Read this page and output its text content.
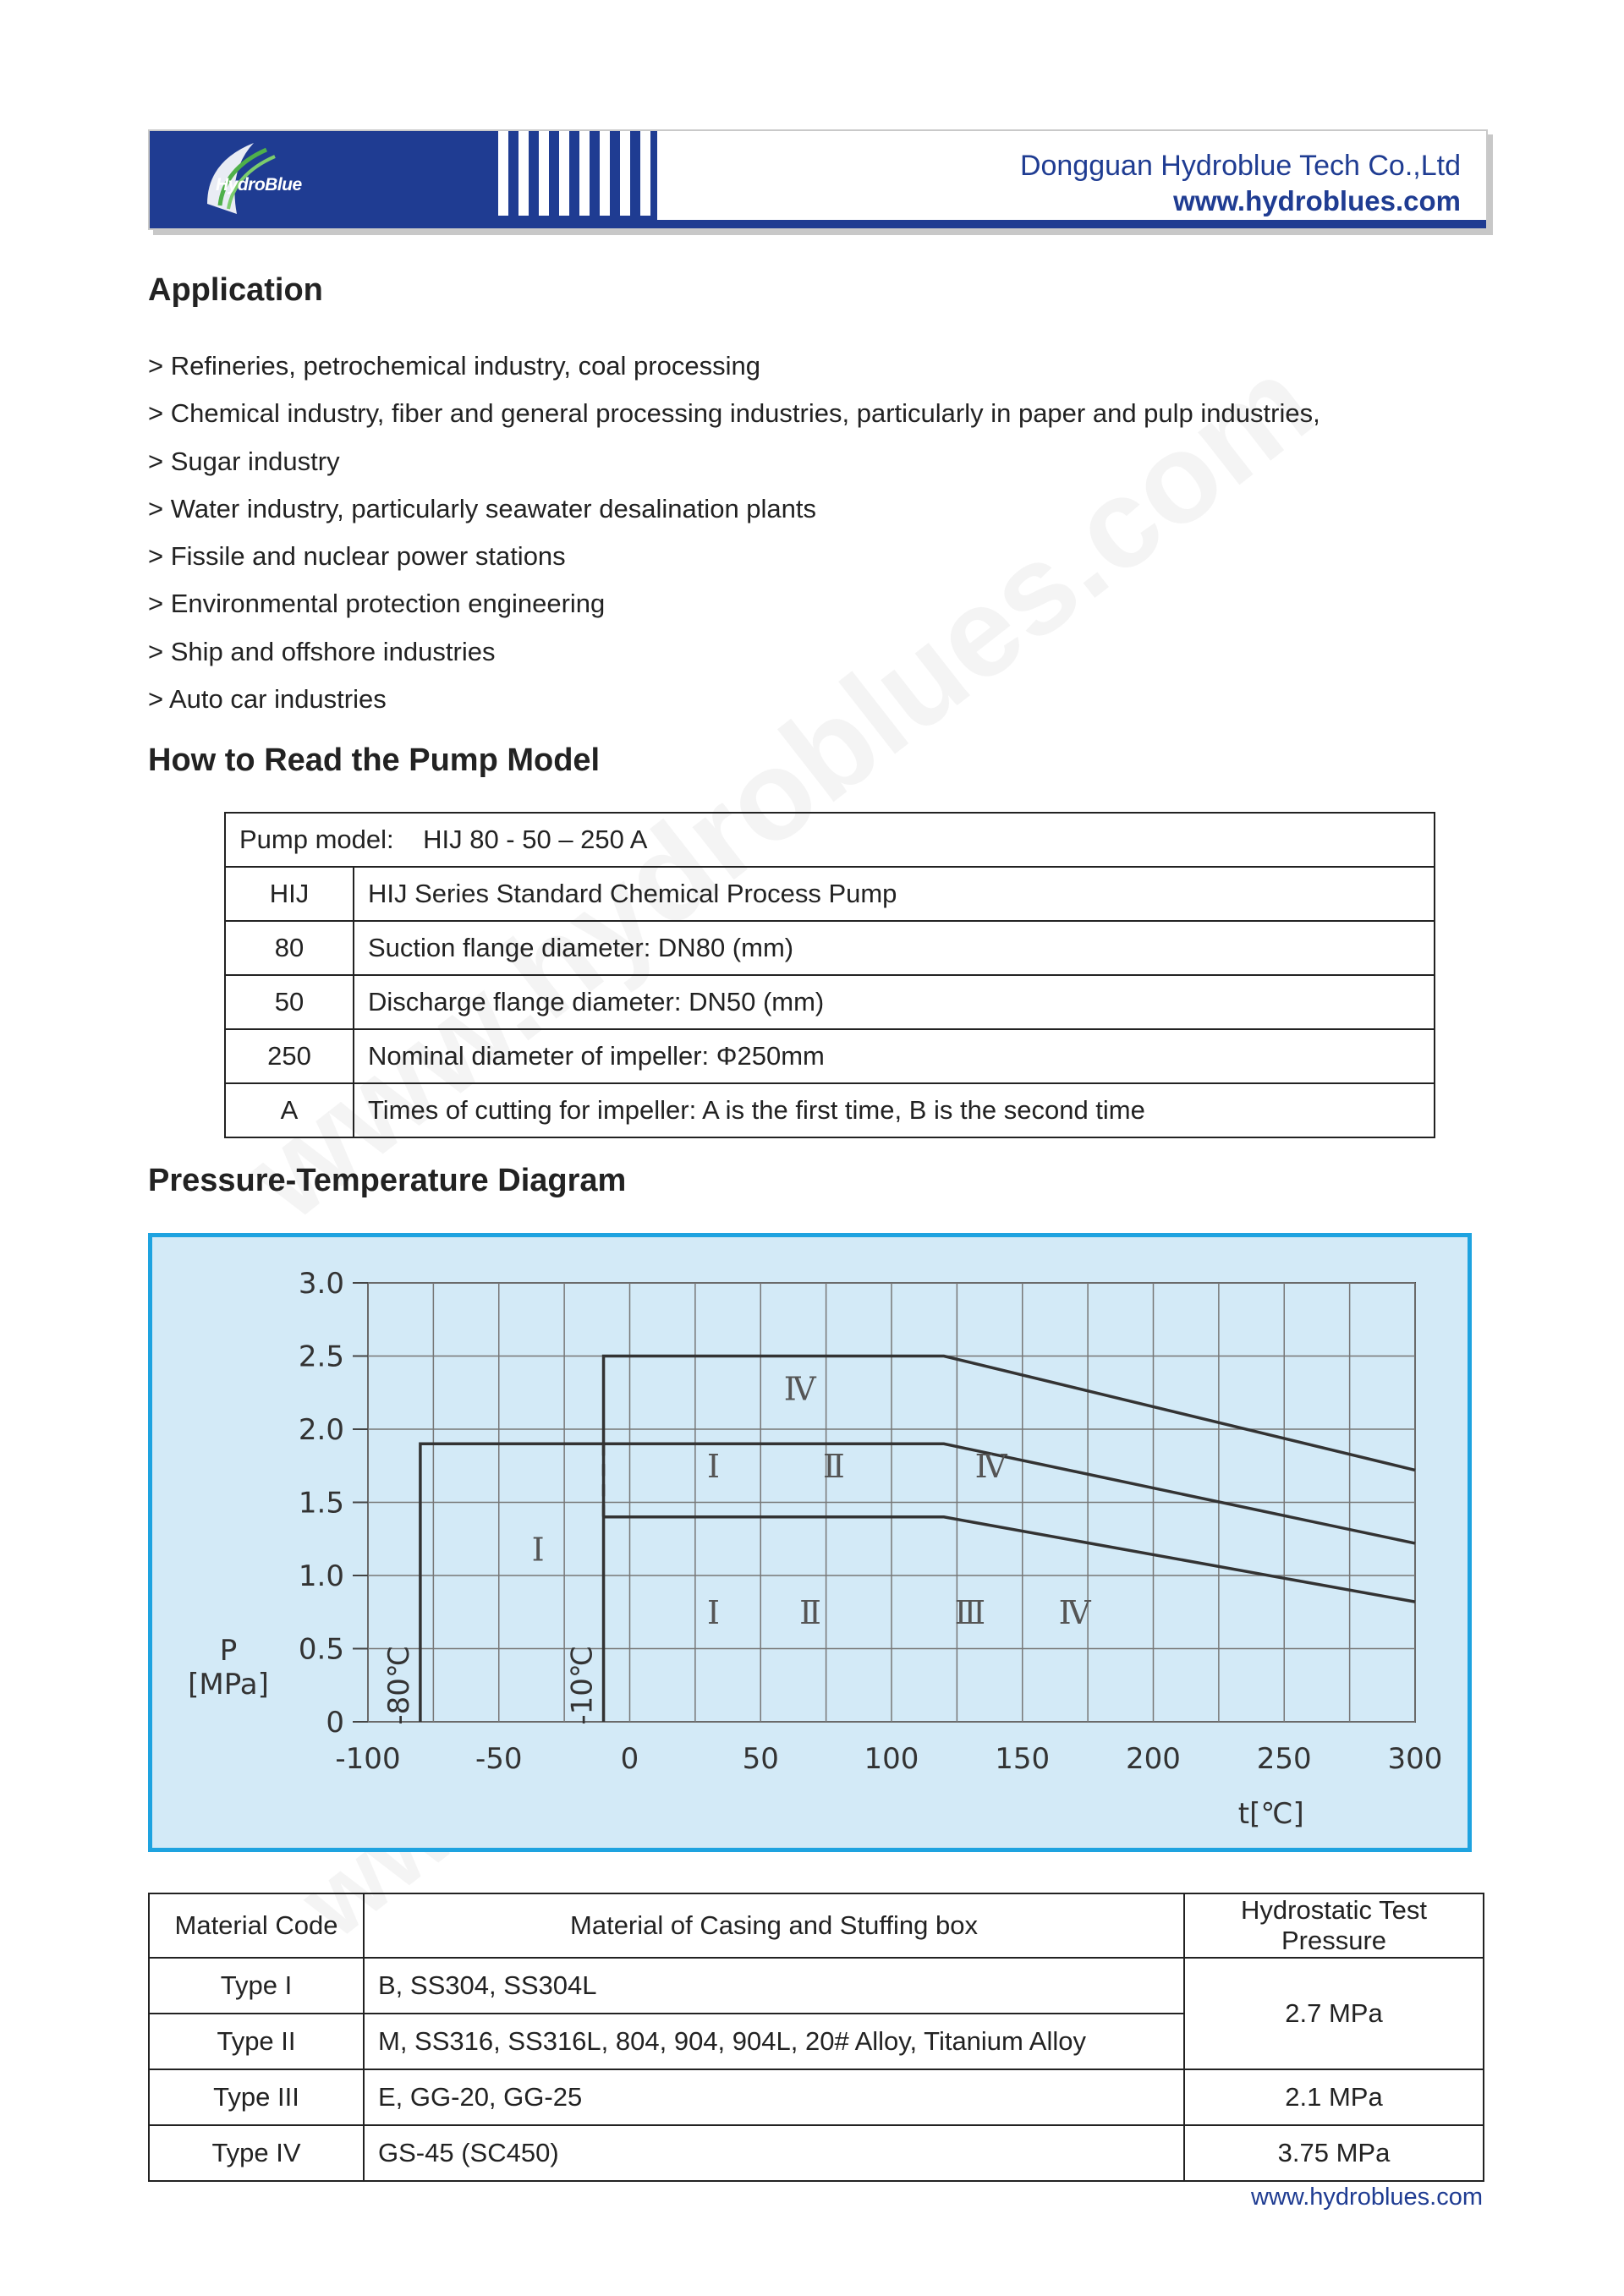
HydroBlue
Dongguan Hydroblue Tech Co.,Ltd
www.hydroblues.com
Application
> Refineries, petrochemical industry, coal processing
> Chemical industry, fiber and general processing industries, particularly in paper and pulp industries,
> Sugar industry
> Water industry, particularly seawater desalination plants
> Fissile and nuclear power stations
> Environmental protection engineering
> Ship and offshore industries
> Auto car industries
How to Read the Pump Model
Pump model: HIJ 80 - 50 – 250 A	
HIJ	HIJ Series Standard Chemical Process Pump
80	Suction flange diameter: DN80 (mm)
50	Discharge flange diameter: DN50 (mm)
250	Nominal diameter of impeller: Φ250mm
A	Times of cutting for impeller: A is the first time, B is the second time
Pressure-Temperature Diagram
-100	-50	0	50	100	150	200	250	300
0
0.5
1.0
1.5
2.0
2.5
3.0
P
[MPa]
t[℃]
-80℃	-10℃
Ⅳ
Ⅰ	Ⅱ	Ⅳ
Ⅰ
Ⅰ Ⅱ	Ⅲ Ⅳ
Material Code	Material of Casing and Stuffing box	Hydrostatic Test Pressure
Type I	B, SS304, SS304L	2.7 MPa
Type II	M, SS316, SS316L, 804, 904, 904L, 20# Alloy, Titanium Alloy	
Type III	E, GG-20, GG-25	2.1 MPa
Type IV	GS-45 (SC450)	3.75 MPa
www.hydroblues.com
